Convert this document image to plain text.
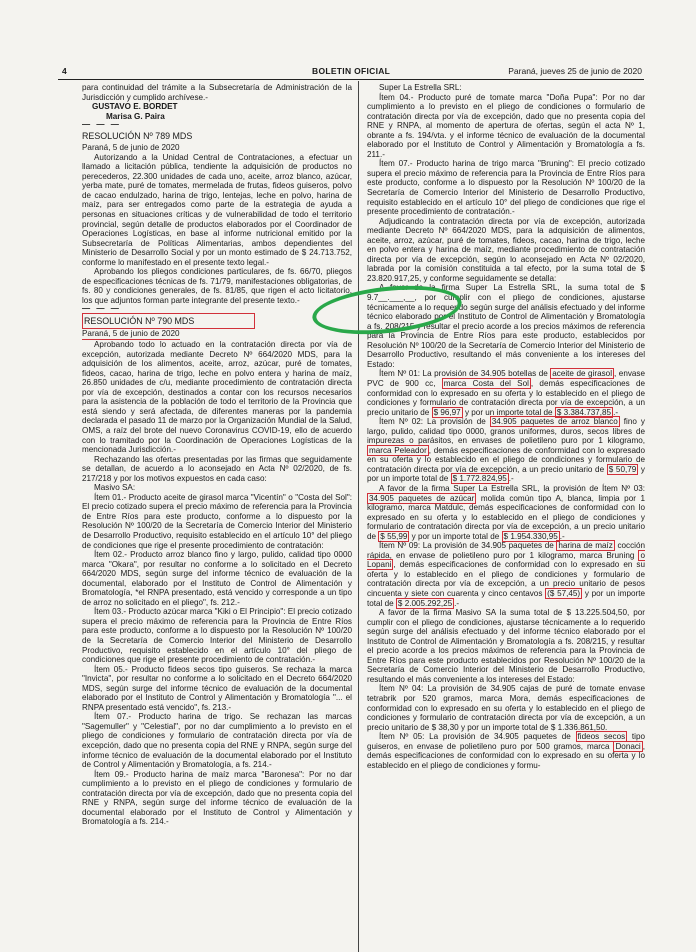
4	BOLETIN OFICIAL	Paraná, jueves 25 de junio de 2020

para continuidad del trámite a la Subsecretaría de Administración de la Jurisdicción y cumplido archívese.-

GUSTAVO E. BORDET

Marisa G. Paira

— — —

RESOLUCIÓN Nº 789 MDS

Paraná, 5 de junio de 2020

Autorizando a la Unidad Central de Contrataciones, a efectuar un llamado a licitación pública, tendiente la adquisición de productos no perecederos, 22.300 unidades de cada uno, aceite, arroz blanco, azúcar, yerba mate, puré de tomates, mermelada de frutas, fideos guiseros, polvo de cacao endulzado, harina de trigo, lentejas, leche en polvo, harina de maíz, para ser entregados como parte de la estrategia de ayuda a personas en situaciones críticas y de vulnerabilidad de todo el territorio provincial, según detalle de productos elaborados por el Coordinador de Operaciones Logísticas, en base al informe nutricional emitido por la Subsecretaría de Políticas Alimentarias, ambos dependientes del Ministerio de Desarrollo Social y por un monto estimado de $ 24.713.752, conforme lo manifestado en el presente texto legal.-

Aprobando los pliegos condiciones particulares, de fs. 66/70, pliegos de especificaciones técnicas de fs. 71/79, manifestaciones obligatorias, de fs. 80 y condiciones generales, de fs. 81/85, que rigen el acto licitatorio, los que adjuntos forman parte integrante del presente texto.-

— — —

RESOLUCIÓN Nº 790 MDS

Paraná, 5 de junio de 2020

Aprobando todo lo actuado en la contratación directa por vía de excepción, autorizada mediante Decreto Nº 664/2020 MDS, para la adquisición de los alimentos, aceite, arroz, azúcar, puré de tomates, fideos, cacao, harina de trigo, leche en polvo entera y harina de maíz, 26.850 unidades de c/u, mediante procedimiento de contratación directa por vía de excepción, destinados a contar con los recursos necesarios para la asistencia de la población de todo el territorio de la Provincia que está siendo y será afectada, de diferentes maneras por la pandemia declarada el pasado 11 de marzo por la Organización Mundial de la Salud, OMS, a raíz del brote del nuevo Coronavirus COVID-19, ello de acuerdo con lo tramitado por la Coordinación de Operaciones Logísticas de la mencionada Jurisdicción.-

Rechazando las ofertas presentadas por las firmas que seguidamente se detallan, de acuerdo a lo aconsejado en Acta Nº 02/2020, de fs. 217/218 y por los motivos expuestos en cada caso:

Masivo SA:

Ítem 01.- Producto aceite de girasol marca "Vicentín" o "Costa del Sol": El precio cotizado supera el precio máximo de referencia para la Provincia de Entre Ríos para este producto, conforme a lo dispuesto por la Resolución Nº 100/20 de la Secretaría de Comercio Interior del Ministerio de Desarrollo Productivo, requisito establecido en el artículo 10° del pliego de condiciones que rige el presente procedimiento de contratación:

Ítem 02.- Producto arroz blanco fino y largo, pulido, calidad tipo 0000 marca "Okara", por resultar no conforme a lo solicitado en el Decreto 664/2020 MDS, según surge del informe técnico de evaluación de la documental, elaborado por el Instituto de Control de Alimentación y Bromatología, *el RNPA presentado, está vencido y corresponde a un tipo de arroz no solicitado en el pliego", fs. 212.-

Ítem 03.- Producto azúcar marca "Kiki o El Principio": El precio cotizado supera el precio máximo de referencia para la Provincia de Entre Ríos para este producto, conforme a lo dispuesto por la Resolución Nº 100/20 de la Secretaría de Comercio Interior del Ministerio de Desarrollo Productivo, requisito establecido en el artículo 10° del pliego de condiciones que rige el presente procedimiento de contratación.-

Ítem 05.- Producto fideos secos tipo guiseros. Se rechaza la marca "Invicta", por resultar no conforme a lo solicitado en el Decreto 664/2020 MDS, según surge del informe técnico de evaluación de la documental elaborado por el Instituto de Control y Alimentación y Bromatología "... el RNPA presentado está vencido", fs. 213.-

Ítem 07.- Producto harina de trigo. Se rechazan las marcas "Sagemuller" y "Celestial", por no dar cumplimiento a lo previsto en el pliego de condiciones y formulario de contratación directa por vía de excepción, dado que no presenta copia del RNE y RNPA, según surge del informe técnico de evaluación de la documental elaborado por el Instituto de Control y Alimentación y Bromatología, a fs. 214.-

Ítem 09.- Producto harina de maíz marca "Baronesa": Por no dar cumplimiento a lo previsto en el pliego de condiciones y formulario de contratación directa por vía de excepción, dado que no presenta copia del RNE y RNPA, según surge del informe técnico de evaluación de la documental elaborado por el Instituto de Control y Alimentación y Bromatología a fs. 214.-

Super La Estrella SRL:

Ítem 04.- Producto puré de tomate marca "Doña Pupa": Por no dar cumplimiento a lo previsto en el pliego de condiciones o formulario de contratación directa por vía de excepción, dado que no presenta copia del RNE y RNPA, al momento de apertura de ofertas, según el acta Nº 1, obrante a fs. 194/vta. y el informe técnico de evaluación de la documental elaborado por el Instituto de Control y Alimentación y Bromatología a fs. 211.-

Ítem 07.- Producto harina de trigo marca "Bruning": El precio cotizado supera el precio máximo de referencia para la Provincia de Entre Ríos para este producto, conforme a lo dispuesto por la Resolución Nº 100/20 de la Secretaría de Comercio Interior del Ministerio de Desarrollo Productivo, requisito establecido en el artículo 10° del pliego de condiciones que rige el presente procedimiento de contratación.-

Adjudicando la contratación directa por vía de excepción, autorizada mediante Decreto Nº 664/2020 MDS, para la adquisición de alimentos, aceite, arroz, azúcar, puré de tomates, fideos, cacao, harina de trigo, leche en polvo entera y harina de maíz, mediante procedimiento de contratación directa por vía de excepción, según lo aconsejado en Acta Nº 02/2020, labrada por la comisión constituida a tal efecto, por la suma total de $ 23.820.917,25, y conforme seguidamente se detalla:

A favor de la firma Super La Estrella SRL, la suma total de $ 9.7__.___,__, por cumplir con el pliego de condiciones, ajustarse técnicamente a lo requerido según surge del análisis efectuado y del informe técnico elaborado por el Instituto de Control de Alimentación y Bromatología a fs. 208/215 y resultar el precio acorde a los precios máximos de referencia para la Provincia de Entre Ríos para este producto, establecidos por Resolución Nº 100/20 de la Secretaría de Comercio Interior del Ministerio de Desarrollo Productivo, resultando el más conveniente a los intereses del Estado:

Ítem Nº 01: La provisión de 34.905 botellas de aceite de girasol , envase PVC de 900 cc, marca Costa del Sol , demás especificaciones de conformidad con lo expresado en su oferta y lo establecido en el pliego de condiciones y formulario de contratación directa por vía de excepción, a un precio unitario de $ 96,97 y por un importe total de $ 3.384.737,85 .-

Ítem Nº 02: La provisión de 34.905 paquetes de arroz blanco fino y largo, pulido, calidad tipo 0000, granos uniformes, duros, secos libres de impurezas o parásitos, en envases de polietileno puro por 1 kilogramo, marca Peleador , demás especificaciones de conformidad con lo expresado en su oferta y lo establecido en el pliego de condiciones y formulario de contratación directa por vía de excepción, a un precio unitario de $ 50,79 y por un importe total de $ 1.772.824,95 .-

A favor de la firma Super La Estrella SRL, la provisión de Ítem Nº 03: 34.905 paquetes de azúcar molida común tipo A, blanca, limpia por 1 kilogramo, marca Matdulc, demás especificaciones de conformidad con lo expresado en su oferta y lo establecido en el pliego de condiciones y formulario de contratación directa por vía de excepción, a un precio unitario de $ 55,99 y por un importe total de $ 1.954.330,95 .-

Ítem Nº 09: La provisión de 34.905 paquetes de harina de maíz cocción rápida, en envase de polietileno puro por 1 kilogramo, marca Bruning o Lopani , demás especificaciones de conformidad con lo expresado en su oferta y lo establecido en el pliego de condiciones y formulario de contratación directa por vía de excepción, a un precio unitario de pesos cincuenta y siete con cuarenta y cinco centavos ($ 57,45) y por un importe total de $ 2.005.292,25 .-

A favor de la firma Masivo SA la suma total de $ 13.225.504,50, por cumplir con el pliego de condiciones, ajustarse técnicamente a lo requerido según surge del análisis efectuado y del informe técnico elaborado por el Instituto de Control de Alimentación y Bromatología a fs. 208/215, y resultar el precio acorde a los precios máximos de referencia para la Provincia de Entre Ríos para este producto establecidos por Resolución Nº 100/20 de la Secretaría de Comercio Interior del Ministerio de Desarrollo Productivo, resultando el más conveniente a los intereses del Estado:

Ítem Nº 04: La provisión de 34.905 cajas de puré de tomate envase tetrabrik por 520 gramos, marca Mora, demás especificaciones de conformidad con lo expresado en su oferta y lo establecido en el pliego de condiciones y formulario de contratación directa por vía de excepción, a un precio unitario de $ 38,30 y por un importe total de $ 1.336.861,50.

Ítem Nº 05: La provisión de 34.905 paquetes de fideos secos tipo guiseros, en envase de polietileno puro por 500 gramos, marca Donaci , demás especificaciones de conformidad con lo expresado en su oferta y lo establecido en el pliego de condiciones y formu-
